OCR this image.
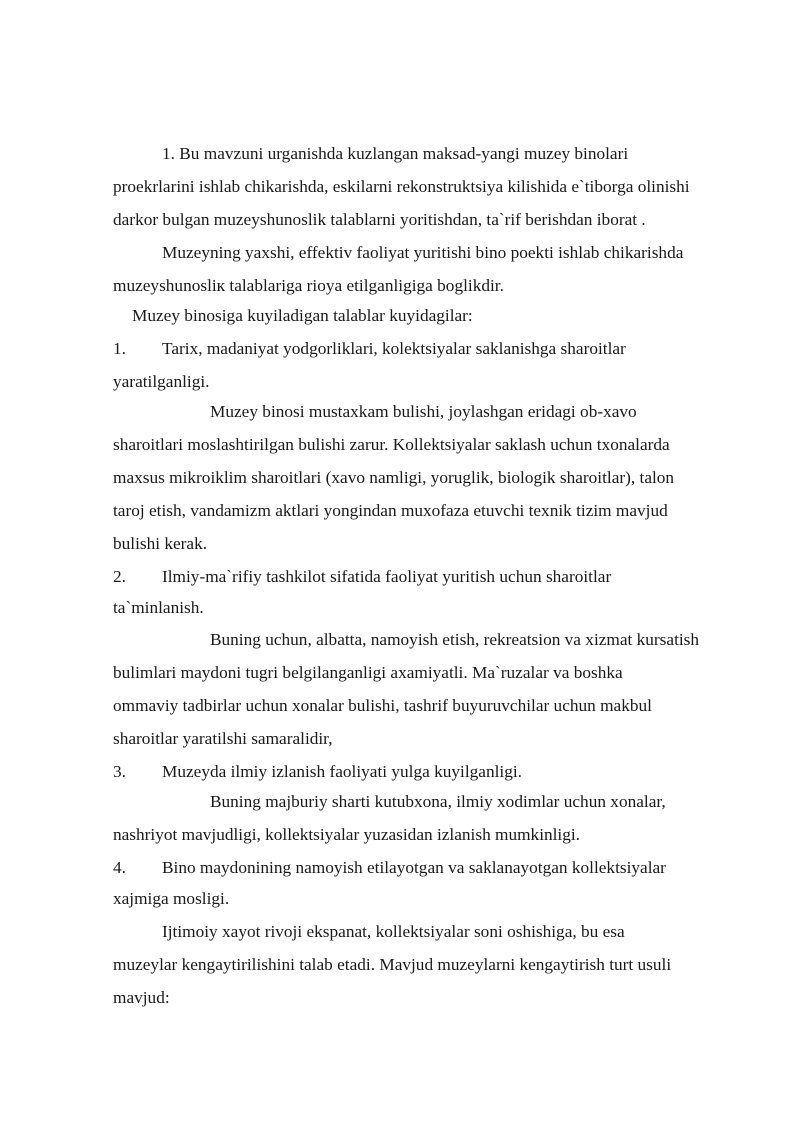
1. Bu mavzuni urganishda kuzlangan maksad-yangi muzey binolari
proekrlarini ishlab chikarishda, eskilarni rekonstruktsiya kilishida e`tiborga olinishi
darkor bulgan muzeyshunoslik talablarni yoritishdan, ta`rif berishdan iborat .
Muzeyning yaxshi, effektiv faoliyat yuritishi bino poekti ishlab chikarishda
muzeyshunoslік talablariga rioya etilganligiga boglikdir.
Muzey binosiga kuyiladigan talablar kuyidagilar:
1. Tarix, madaniyat yodgorliklari, kolektsiyalar saklanishga sharoitlar
yaratilganligi.
Muzey binosi mustaxkam bulishi, joylashgan eridagi ob-xavo
sharoitlari moslashtirilgan bulishi zarur. Kollektsiyalar saklash uchun txonalarda
maxsus mikroiklim sharoitlari (xavo namligi, yoruglik, biologik sharoitlar), talon
taroj etish, vandamizm aktlari yongindan muxofaza etuvchi texnik tizim mavjud
bulishi kerak.
2. Ilmiy-ma`rifiy tashkilot sifatida faoliyat yuritish uchun sharoitlar
ta`minlanish.
Buning uchun, albatta, namoyish etish, rekreatsion va xizmat kursatish
bulimlari maydoni tugri belgilanganligi axamiyatli. Ma`ruzalar va boshka
ommaviy tadbirlar uchun xonalar bulishi, tashrif buyuruvchilar uchun makbul
sharoitlar yaratilshi samaralidir,
3. Muzeyda ilmiy izlanish faoliyati yulga kuyilganligi.
Buning majburiy sharti kutubxona, ilmiy xodimlar uchun xonalar,
nashriyot mavjudligi, kollektsiyalar yuzasidan izlanish mumkinligi.
4. Bino maydonining namoyish etilayotgan va saklanayotgan kollektsiyalar
xajmiga mosligi.
Ijtimoiy xayot rivoji ekspanat, kollektsiyalar soni oshishiga, bu esa
muzeylar kengaytirilishini talab etadi. Mavjud muzeylarni kengaytirish turt usuli
mavjud:
